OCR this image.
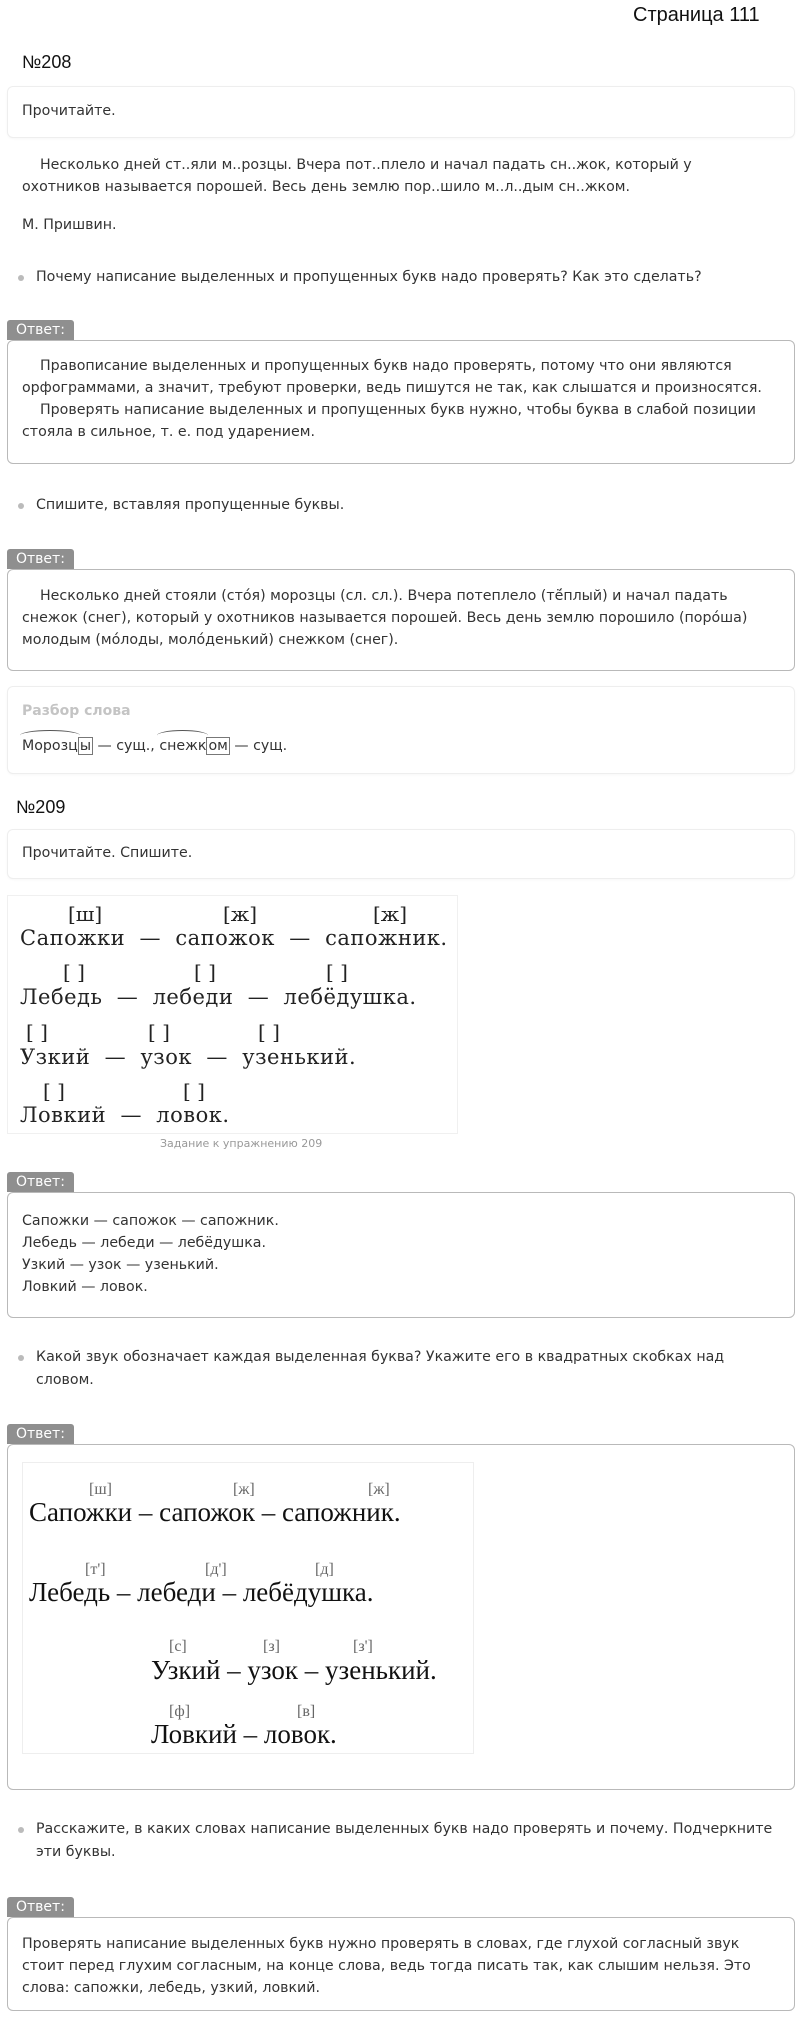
Страница 111
№208
Прочитайте.
Несколько дней ст..яли м..розцы. Вчера пот..плело и начал падать сн..жок, который у охотников называется порошей. Весь день землю пор..шило м..л..дым сн..жком.
М. Пришвин.
Почему написание выделенных и пропущенных букв надо проверять? Как это сделать?
Ответ:
Правописание выделенных и пропущенных букв надо проверять, потому что они являются орфограммами, а значит, требуют проверки, ведь пишутся не так, как слышатся и произносятся.
Проверять написание выделенных и пропущенных букв нужно, чтобы буква в слабой позиции стояла в сильное, т. е. под ударением.
Спишите, вставляя пропущенные буквы.
Ответ:
Несколько дней стояли (сто́я) морозцы (сл. сл.). Вчера потеплело (тё́плый) и начал падать снежок (снег), который у охотников называется порошей. Весь день землю порошило (поро́ша) молодым (мо́лоды, моло́денький) снежком (снег).
Разбор слова
Морозц ы — сущ., снежк ом — сущ.
№209
Прочитайте. Спишите.
[ш]	[ж]	[ж]
Сапожки  —  сапожок  —  сапожник.
[ ]	[ ]	[ ]
Лебедь  —  лебеди  —  лебёдушка.
[ ]	[ ]	[ ]
Узкий  —  узок  —  узенький.
[ ]	[ ]
Ловкий  —  ловок.
Задание к упражнению 209
Ответ:
Сапожки — сапожок — сапожник.
Лебедь — лебеди — лебёдушка.
Узкий — узок — узенький.
Ловкий — ловок.
Какой звук обозначает каждая выделенная буква? Укажите его в квадратных скобках над словом.
Ответ:
[ш]	[ж]	[ж]
Сапожки – сапожок – сапожник.
[т']	[д']	[д]
Лебедь – лебеди – лебёдушка.
[с]	[з]	[з']
Узкий – узок – узенький.
[ф]	[в]
Ловкий – ловок.
Расскажите, в каких словах написание выделенных букв надо проверять и почему. Подчеркните эти буквы.
Ответ:
Проверять написание выделенных букв нужно проверять в словах, где глухой согласный звук стоит перед глухим согласным, на конце слова, ведь тогда писать так, как слышим нельзя. Это слова: сапожки, лебедь, узкий, ловкий.
